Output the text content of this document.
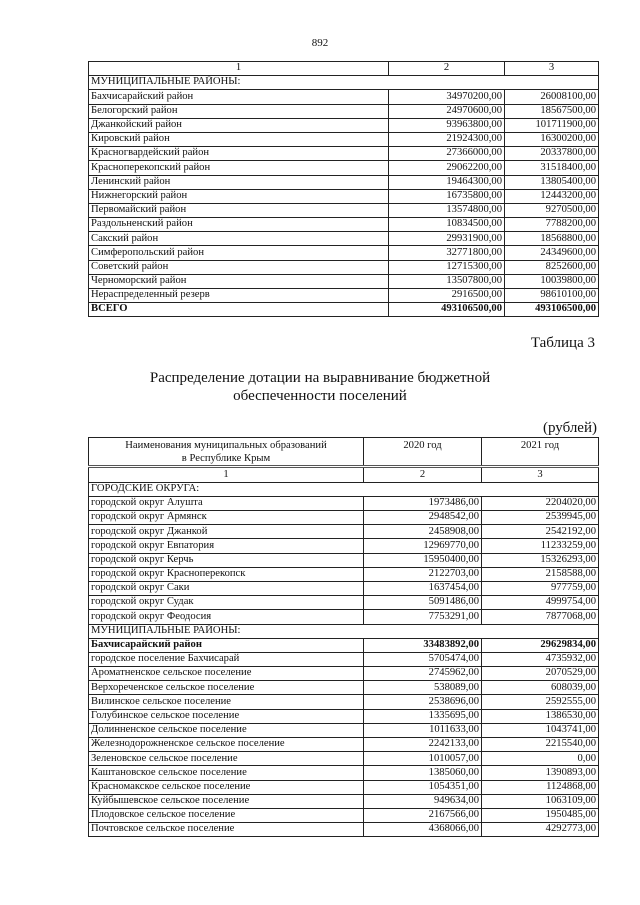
892
1	2	3
МУНИЦИПАЛЬНЫЕ РАЙОНЫ:		
Бахчисарайский район	34970200,00	26008100,00
Белогорский район	24970600,00	18567500,00
Джанкойский район	93963800,00	101711900,00
Кировский район	21924300,00	16300200,00
Красногвардейский район	27366000,00	20337800,00
Красноперекопский район	29062200,00	31518400,00
Ленинский район	19464300,00	13805400,00
Нижнегорский район	16735800,00	12443200,00
Первомайский район	13574800,00	9270500,00
Раздольненский район	10834500,00	7788200,00
Сакский район	29931900,00	18568800,00
Симферопольский район	32771800,00	24349600,00
Советский район	12715300,00	8252600,00
Черноморский район	13507800,00	10039800,00
Нераспределенный резерв	2916500,00	98610100,00
ВСЕГО	493106500,00	493106500,00
Таблица 3
Распределение дотации на выравнивание бюджетной
обеспеченности поселений
(рублей)
Наименования муниципальных образований
в Республике Крым	2020 год	2021 год
1	2	3
ГОРОДСКИЕ ОКРУГА:		
городской округ Алушта	1973486,00	2204020,00
городской округ Армянск	2948542,00	2539945,00
городской округ Джанкой	2458908,00	2542192,00
городской округ Евпатория	12969770,00	11233259,00
городской округ Керчь	15950400,00	15326293,00
городской округ Красноперекопск	2122703,00	2158588,00
городской округ Саки	1637454,00	977759,00
городской округ Судак	5091486,00	4999754,00
городской округ Феодосия	7753291,00	7877068,00
МУНИЦИПАЛЬНЫЕ РАЙОНЫ:		
Бахчисарайский район	33483892,00	29629834,00
городское поселение Бахчисарай	5705474,00	4735932,00
Ароматненское сельское поселение	2745962,00	2070529,00
Верхореченское сельское поселение	538089,00	608039,00
Вилинское сельское поселение	2538696,00	2592555,00
Голубинское сельское поселение	1335695,00	1386530,00
Долинненское сельское поселение	1011633,00	1043741,00
Железнодорожненское сельское поселение	2242133,00	2215540,00
Зеленовское сельское поселение	1010057,00	0,00
Каштановское сельское поселение	1385060,00	1390893,00
Красномакское сельское поселение	1054351,00	1124868,00
Куйбышевское сельское поселение	949634,00	1063109,00
Плодовское сельское поселение	2167566,00	1950485,00
Почтовское сельское поселение	4368066,00	4292773,00
